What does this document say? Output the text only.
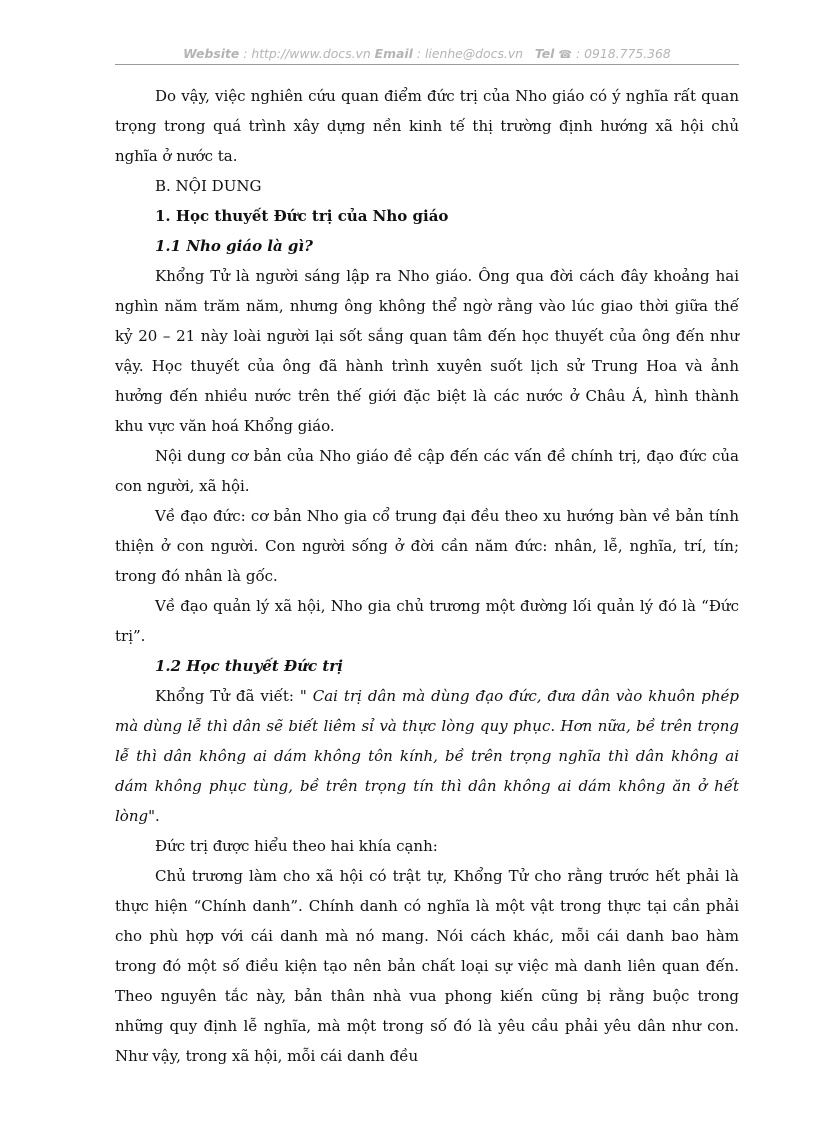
Website : http://www.docs.vn Email : lienhe@docs.vn Tel ☎ : 0918.775.368

Do vậy, việc nghiên cứu quan điểm đức trị của Nho giáo có ý nghĩa rất quan trọng trong quá trình xây dựng nền kinh tế thị trường định hướng xã hội chủ nghĩa ở nước ta.

B. NỘI DUNG

1. Học thuyết Đức trị của Nho giáo

1.1 Nho giáo là gì?

Khổng Tử là người sáng lập ra Nho giáo. Ông qua đời cách đây khoảng hai nghìn năm trăm năm, nhưng ông không thể ngờ rằng vào lúc giao thời giữa thế kỷ 20 – 21 này loài người lại sốt sắng quan tâm đến học thuyết của ông đến như vậy. Học thuyết của ông đã hành trình xuyên suốt lịch sử Trung Hoa và ảnh hưởng đến nhiều nước trên thế giới đặc biệt là các nước ở Châu Á, hình thành khu vực văn hoá Khổng giáo.

Nội dung cơ bản của Nho giáo đề cập đến các vấn đề chính trị, đạo đức của con người, xã hội.

Về đạo đức: cơ bản Nho gia cổ trung đại đều theo xu hướng bàn về bản tính thiện ở con người. Con người sống ở đời cần năm đức: nhân, lễ, nghĩa, trí, tín; trong đó nhân là gốc.

Về đạo quản lý xã hội, Nho gia chủ trương một đường lối quản lý đó là “Đức trị”.

1.2 Học thuyết Đức trị

Khổng Tử đã viết: " Cai trị dân mà dùng đạo đức, đưa dân vào khuôn phép mà dùng lễ thì dân sẽ biết liêm sỉ và thực lòng quy phục. Hơn nữa, bề trên trọng lễ thì dân không ai dám không tôn kính, bề trên trọng nghĩa thì dân không ai dám không phục tùng, bề trên trọng tín thì dân không ai dám không ăn ở hết lòng".

Đức trị được hiểu theo hai khía cạnh:

Chủ trương làm cho xã hội có trật tự, Khổng Tử cho rằng trước hết phải là thực hiện “Chính danh”. Chính danh có nghĩa là một vật trong thực tại cần phải cho phù hợp với cái danh mà nó mang. Nói cách khác, mỗi cái danh bao hàm trong đó một số điều kiện tạo nên bản chất loại sự việc mà danh liên quan đến. Theo nguyên tắc này, bản thân nhà vua phong kiến cũng bị rằng buộc trong những quy định lễ nghĩa, mà một trong số đó là yêu cầu phải yêu dân như con. Như vậy, trong xã hội, mỗi cái danh đều
